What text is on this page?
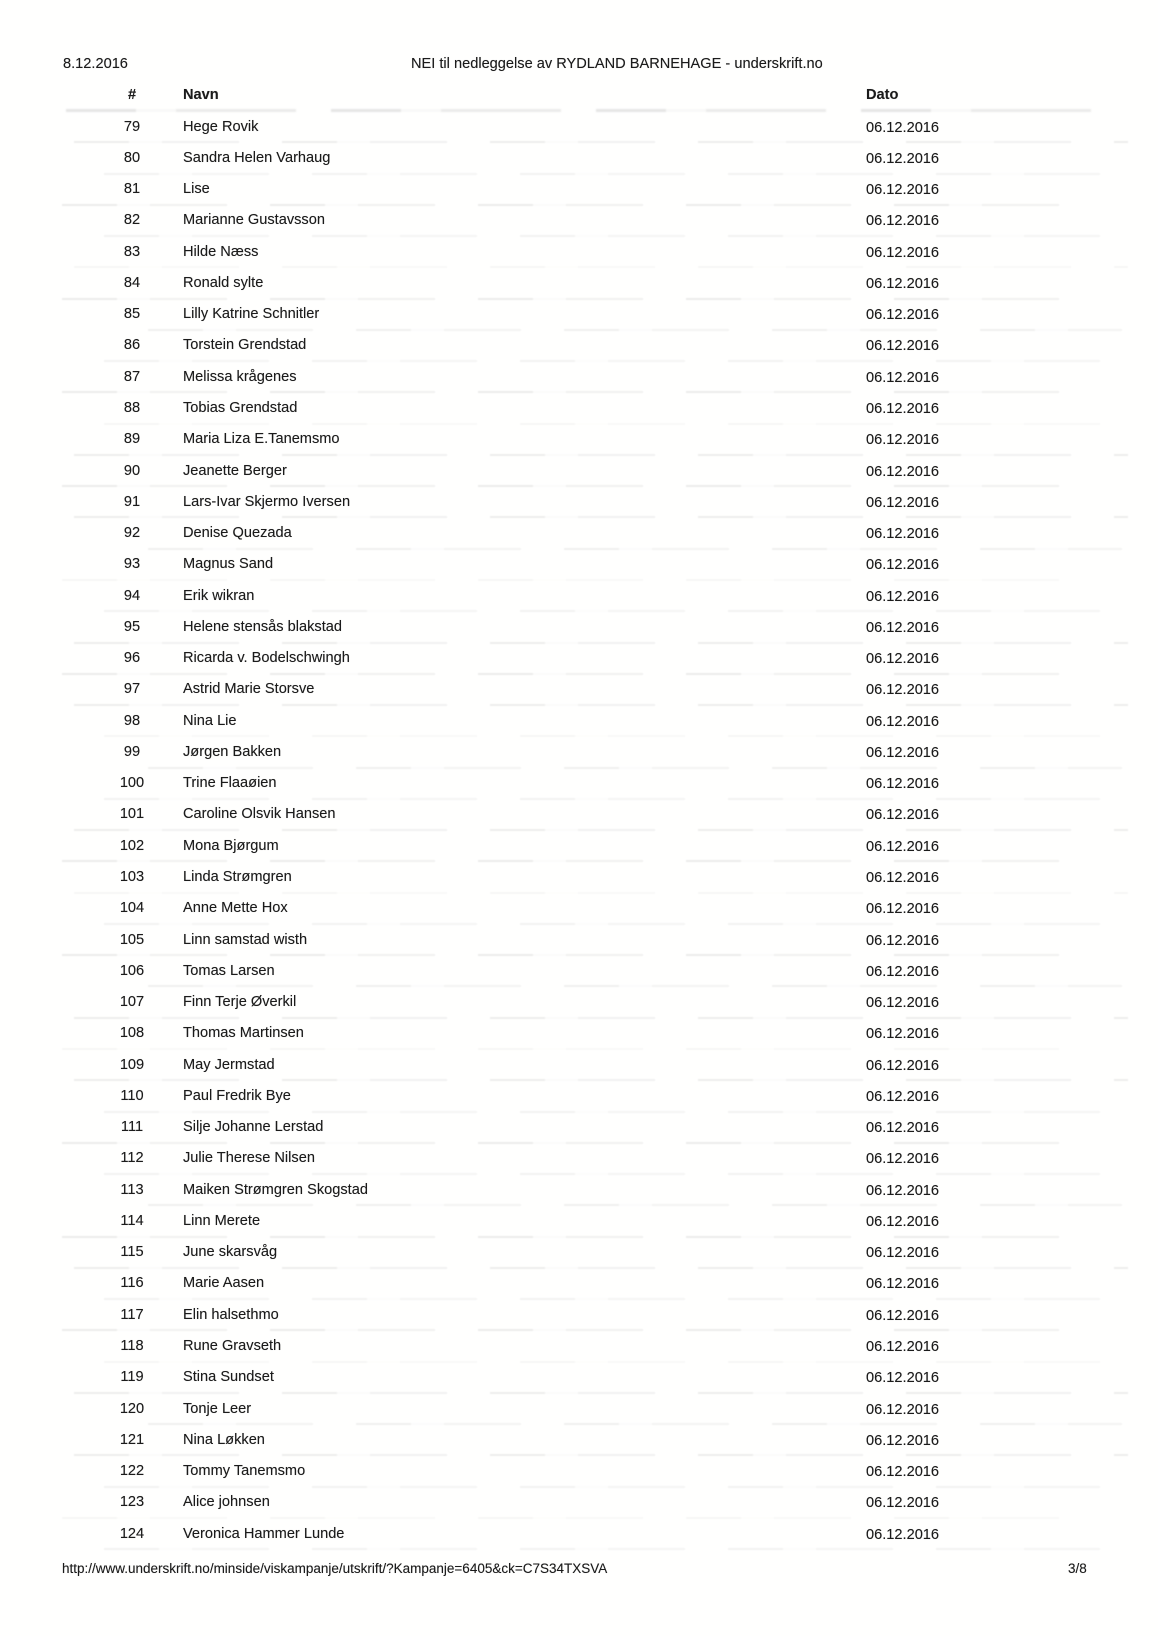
8.12.2016	NEI til nedleggelse av RYDLAND BARNEHAGE - underskrift.no
#	Navn	Dato
79	Hege Rovik	06.12.2016
80	Sandra Helen Varhaug	06.12.2016
81	Lise	06.12.2016
82	Marianne Gustavsson	06.12.2016
83	Hilde Næss	06.12.2016
84	Ronald sylte	06.12.2016
85	Lilly Katrine Schnitler	06.12.2016
86	Torstein Grendstad	06.12.2016
87	Melissa krågenes	06.12.2016
88	Tobias Grendstad	06.12.2016
89	Maria Liza E.Tanemsmo	06.12.2016
90	Jeanette Berger	06.12.2016
91	Lars-Ivar Skjermo Iversen	06.12.2016
92	Denise Quezada	06.12.2016
93	Magnus Sand	06.12.2016
94	Erik wikran	06.12.2016
95	Helene stensås blakstad	06.12.2016
96	Ricarda v. Bodelschwingh	06.12.2016
97	Astrid Marie Storsve	06.12.2016
98	Nina Lie	06.12.2016
99	Jørgen Bakken	06.12.2016
100	Trine Flaaøien	06.12.2016
101	Caroline Olsvik Hansen	06.12.2016
102	Mona Bjørgum	06.12.2016
103	Linda Strømgren	06.12.2016
104	Anne Mette Hox	06.12.2016
105	Linn samstad wisth	06.12.2016
106	Tomas Larsen	06.12.2016
107	Finn Terje Øverkil	06.12.2016
108	Thomas Martinsen	06.12.2016
109	May Jermstad	06.12.2016
110	Paul Fredrik Bye	06.12.2016
111	Silje Johanne Lerstad	06.12.2016
112	Julie Therese Nilsen	06.12.2016
113	Maiken Strømgren Skogstad	06.12.2016
114	Linn Merete	06.12.2016
115	June skarsvåg	06.12.2016
116	Marie Aasen	06.12.2016
117	Elin halsethmo	06.12.2016
118	Rune Gravseth	06.12.2016
119	Stina Sundset	06.12.2016
120	Tonje Leer	06.12.2016
121	Nina Løkken	06.12.2016
122	Tommy Tanemsmo	06.12.2016
123	Alice johnsen	06.12.2016
124	Veronica Hammer Lunde	06.12.2016
http://www.underskrift.no/minside/viskampanje/utskrift/?Kampanje=6405&ck=C7S34TXSVA	3/8
